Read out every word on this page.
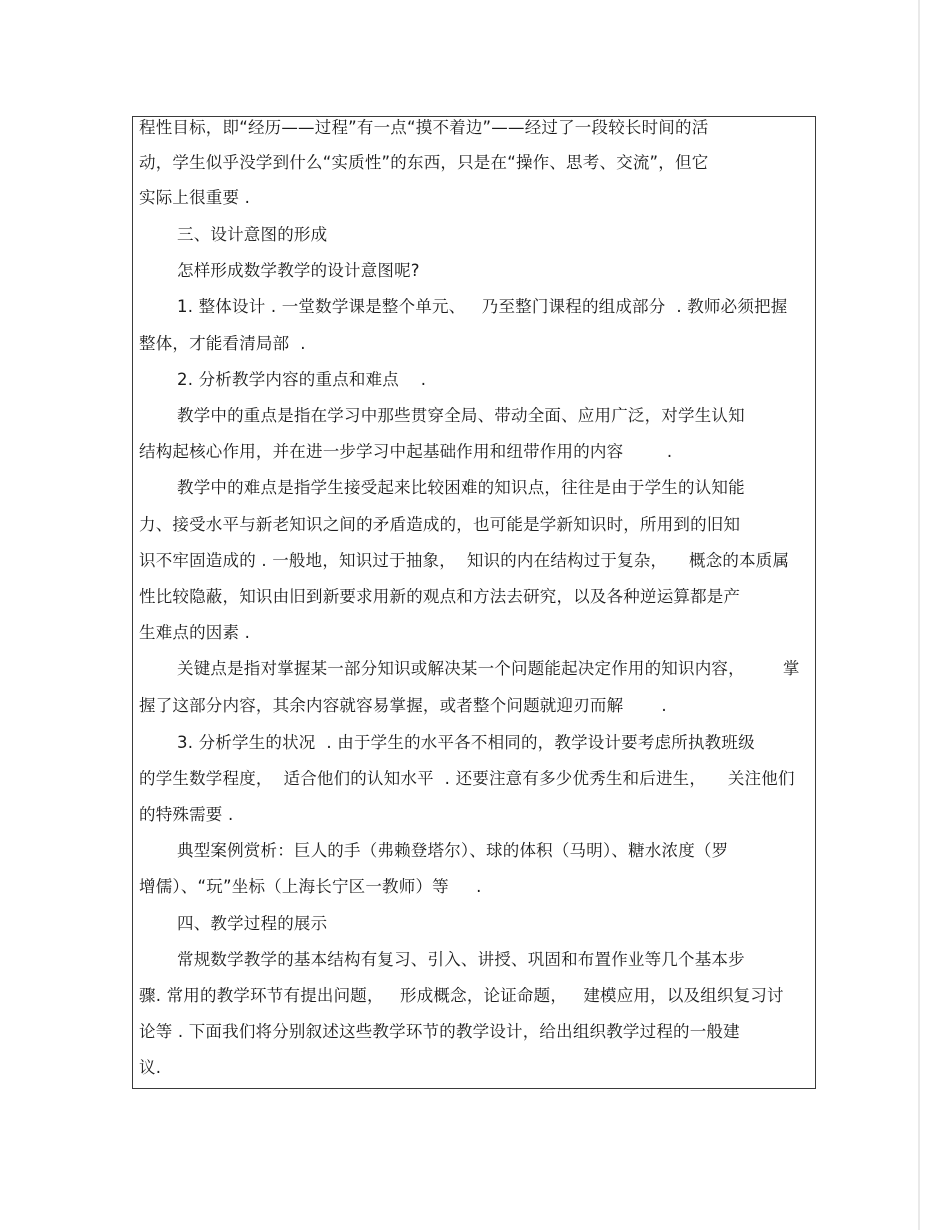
程性目标，即“经历——过程”有一点“摸不着边”——经过了一段较长时间的活
动，学生似乎没学到什么“实质性”的东西，只是在“操作、思考、交流”，但它
实际上很重要 .
三、设计意图的形成
怎样形成数学教学的设计意图呢?
1. 整体设计 . 一堂数学课是整个单元、   乃至整门课程的组成部分  . 教师必须把握
整体，才能看清局部  .
2. 分析教学内容的重点和难点    .
教学中的重点是指在学习中那些贯穿全局、带动全面、应用广泛，对学生认知
结构起核心作用，并在进一步学习中起基础作用和纽带作用的内容        .
教学中的难点是指学生接受起来比较困难的知识点，往往是由于学生的认知能
力、接受水平与新老知识之间的矛盾造成的，也可能是学新知识时，所用到的旧知
识不牢固造成的 . 一般地，知识过于抽象，  知识的内在结构过于复杂，    概念的本质属
性比较隐蔽，知识由旧到新要求用新的观点和方法去研究，以及各种逆运算都是产
生难点的因素 .
关键点是指对掌握某一部分知识或解决某一个问题能起决定作用的知识内容，       掌
握了这部分内容，其余内容就容易掌握，或者整个问题就迎刃而解       .
3. 分析学生的状况  . 由于学生的水平各不相同的，教学设计要考虑所执教班级
的学生数学程度，  适合他们的认知水平  . 还要注意有多少优秀生和后进生，    关注他们
的特殊需要 .
典型案例赏析：巨人的手（弗赖登塔尔）、球的体积（马明）、糖水浓度（罗
增儒）、“玩”坐标（上海长宁区一教师）等     .
四、教学过程的展示
常规数学教学的基本结构有复习、引入、讲授、巩固和布置作业等几个基本步
骤. 常用的教学环节有提出问题，   形成概念，论证命题，   建模应用，以及组织复习讨
论等 . 下面我们将分别叙述这些教学环节的教学设计，给出组织教学过程的一般建
议.
